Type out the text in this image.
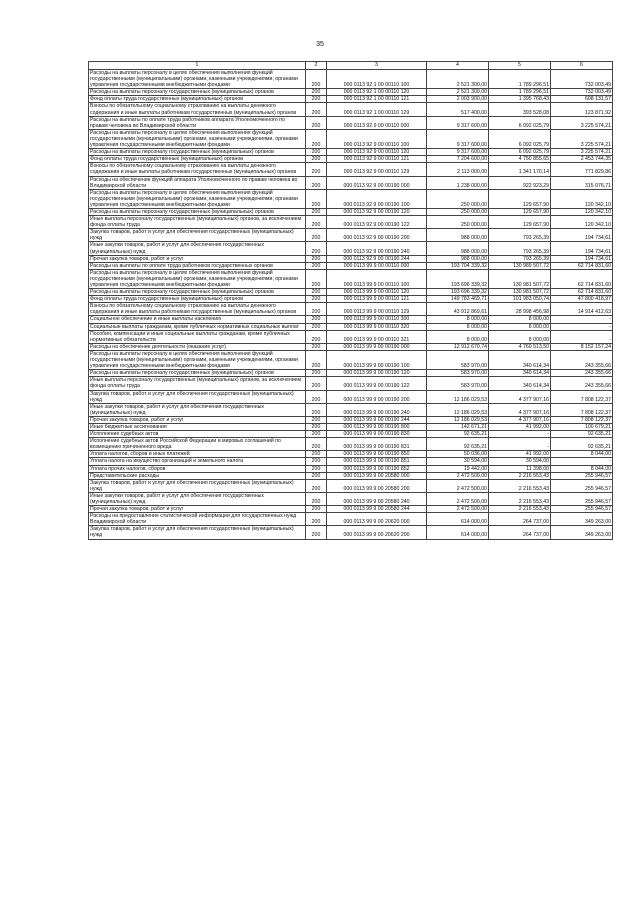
35
1	2	3	4	5	6
Расходы на выплаты персоналу в целях обеспечения выполнения функций государственными (муниципальными) органами, казенными учреждениями, органами управления государственными внебюджетными фондами	200	000 0113 92 1 00 00110 100	2 521 300,00	1 789 296,51	732 003,49
Расходы на выплаты персоналу государственных (муниципальных) органов	200	000 0113 92 1 00 00110 120	2 521 300,00	1 789 296,51	732 003,49
Фонд оплаты труда государственных (муниципальных) органов	200	000 0113 92 1 00 00110 121	2 003 900,00	1 395 768,43	608 131,57
Взносы по обязательному социальному страхованию на выплаты денежного содержания и иные выплаты работникам государственных (муниципальных) органов	200	000 0113 92 1 00 00110 129	517 400,00	393 528,08	123 871,92
Расходы на выплаты по оплате труда работников аппарата Уполномоченного по правам человека во Владимирской области	200	000 0113 92 9 00 00110 000	9 317 600,00	6 092 025,79	3 225 574,21
Расходы на выплаты персоналу в целях обеспечения выполнения функций государственными (муниципальными) органами, казенными учреждениями, органами управления государственными внебюджетными фондами	200	000 0113 92 9 00 00110 100	9 317 600,00	6 092 025,79	3 225 574,21
Расходы на выплаты персоналу государственных (муниципальных) органов	200	000 0113 92 9 00 00110 120	9 317 600,00	6 092 025,79	3 225 574,21
Фонд оплаты труда государственных (муниципальных) органов	200	000 0113 92 9 00 00110 121	7 204 600,00	4 750 855,65	2 453 744,35
Взносы по обязательному социальному страхованию на выплаты денежного содержания и иные выплаты работникам государственных (муниципальных) органов	200	000 0113 92 9 00 00110 129	2 113 000,00	1 341 170,14	771 829,86
Расходы на обеспечение функций аппарата Уполномоченного по правам человека во Владимирской области	200	000 0113 92 9 00 00190 000	1 238 000,00	922 923,29	315 076,71
Расходы на выплаты персоналу в целях обеспечения выполнения функций государственными (муниципальными) органами, казенными учреждениями, органами управления государственными внебюджетными фондами	200	000 0113 92 9 00 00190 100	250 000,00	129 657,90	120 342,10
Расходы на выплаты персоналу государственных (муниципальных) органов	200	000 0113 92 9 00 00190 120	250 000,00	129 657,90	120 342,10
Иные выплаты персоналу государственных (муниципальных) органов, за исключением фонда оплаты труда	200	000 0113 92 9 00 00190 122	250 000,00	129 657,90	120 342,10
Закупка товаров, работ и услуг для обеспечения государственных (муниципальных) нужд	200	000 0113 92 9 00 00190 200	988 000,00	793 265,39	194 734,61
Иные закупки товаров, работ и услуг для обеспечения государственных (муниципальных) нужд	200	000 0113 92 9 00 00190 240	988 000,00	793 265,39	194 734,61
Прочая закупка товаров, работ и услуг	200	000 0113 92 9 00 00190 244	988 000,00	793 265,39	194 734,61
Расходы на выплаты по оплате труда работников государственных органов	200	000 0113 99 9 00 00110 000	193 704 339,32	130 989 507,72	62 714 831,60
Расходы на выплаты персоналу в целях обеспечения выполнения функций государственными (муниципальными) органами, казенными учреждениями, органами управления государственными внебюджетными фондами	200	000 0113 99 9 00 00110 100	193 696 339,32	130 981 507,72	62 714 831,60
Расходы на выплаты персоналу государственных (муниципальных) органов	200	000 0113 99 9 00 00110 120	193 696 339,32	130 981 507,72	62 714 831,60
Фонд оплаты труда государственных (муниципальных) органов	200	000 0113 99 9 00 00110 121	149 783 469,71	101 983 050,74	47 800 418,97
Взносы по обязательному социальному страхованию на выплаты денежного содержания и иные выплаты работникам государственных (муниципальных) органов	200	000 0113 99 9 00 00110 129	43 912 869,61	28 998 456,98	14 914 412,63
Социальное обеспечение и иные выплаты населению	200	000 0113 99 9 00 00110 300	8 000,00	8 000,00	-
Социальные выплаты гражданам, кроме публичных нормативных социальных выплат	200	000 0113 99 9 00 00110 320	8 000,00	8 000,00	-
Пособия, компенсации и иные социальные выплаты гражданам, кроме публичных нормативных обязательств	200	000 0113 99 9 00 00110 321	8 000,00	8 000,00	-
Расходы на обеспечение деятельности (оказание услуг)	200	000 0113 99 9 00 00190 000	12 912 670,74	4 760 513,50	8 152 157,24
Расходы на выплаты персоналу в целях обеспечения выполнения функций государственными (муниципальными) органами, казенными учреждениями, органами управления государственными внебюджетными фондами	200	000 0113 99 9 00 00190 100	583 970,00	340 614,34	243 355,66
Расходы на выплаты персоналу государственных (муниципальных) органов	200	000 0113 99 9 00 00190 120	583 970,00	340 614,34	243 355,66
Иные выплаты персоналу государственных (муниципальных) органов, за исключением фонда оплаты труда	200	000 0113 99 9 00 00190 122	583 970,00	340 614,34	243 355,66
Закупка товаров, работ и услуг для обеспечения государственных (муниципальных) нужд	200	000 0113 99 9 00 00190 200	12 186 029,53	4 377 907,16	7 808 122,37
Иные закупки товаров, работ и услуг для обеспечения государственных (муниципальных) нужд	200	000 0113 99 9 00 00190 240	12 186 029,53	4 377 907,16	7 808 122,37
Прочая закупка товаров, работ и услуг	200	000 0113 99 9 00 00190 244	12 186 029,53	4 377 907,16	7 808 122,37
Иные бюджетные ассигнования	200	000 0113 99 9 00 00190 800	142 671,21	41 992,00	100 679,21
Исполнение судебных актов	200	000 0113 99 9 00 00190 830	92 635,21	-	92 635,21
Исполнение судебных актов Российской Федерации и мировых соглашений по возмещению причиненного вреда	200	000 0113 99 9 00 00190 831	92 635,21	-	92 635,21
Уплата налогов, сборов и иных платежей	200	000 0113 99 9 00 00190 850	50 036,00	41 992,00	8 044,00
Уплата налога на имущество организаций и земельного налога	200	000 0113 99 9 00 00190 851	30 594,00	30 594,00	-
Уплата прочих налогов, сборов	200	000 0113 99 9 00 00190 852	19 442,00	11 398,00	8 044,00
Представительские расходы	200	000 0113 99 9 00 20580 000	2 472 500,00	2 216 553,43	255 946,57
Закупка товаров, работ и услуг для обеспечения государственных (муниципальных) нужд	200	000 0113 99 9 00 20580 200	2 472 500,00	2 216 553,43	255 946,57
Иные закупки товаров, работ и услуг для обеспечения государственных (муниципальных) нужд	200	000 0113 99 9 00 20580 240	2 472 500,00	2 216 553,43	255 946,57
Прочая закупка товаров, работ и услуг	200	000 0113 99 9 00 20580 244	2 472 500,00	2 216 553,43	255 946,57
Расходы на предоставление статистической информации для государственных нужд Владимирской области	200	000 0113 99 9 00 20620 000	614 000,00	264 737,00	349 263,00
Закупка товаров, работ и услуг для обеспечения государственных (муниципальных) нужд	200	000 0113 99 9 00 20620 200	614 000,00	264 737,00	349 263,00
